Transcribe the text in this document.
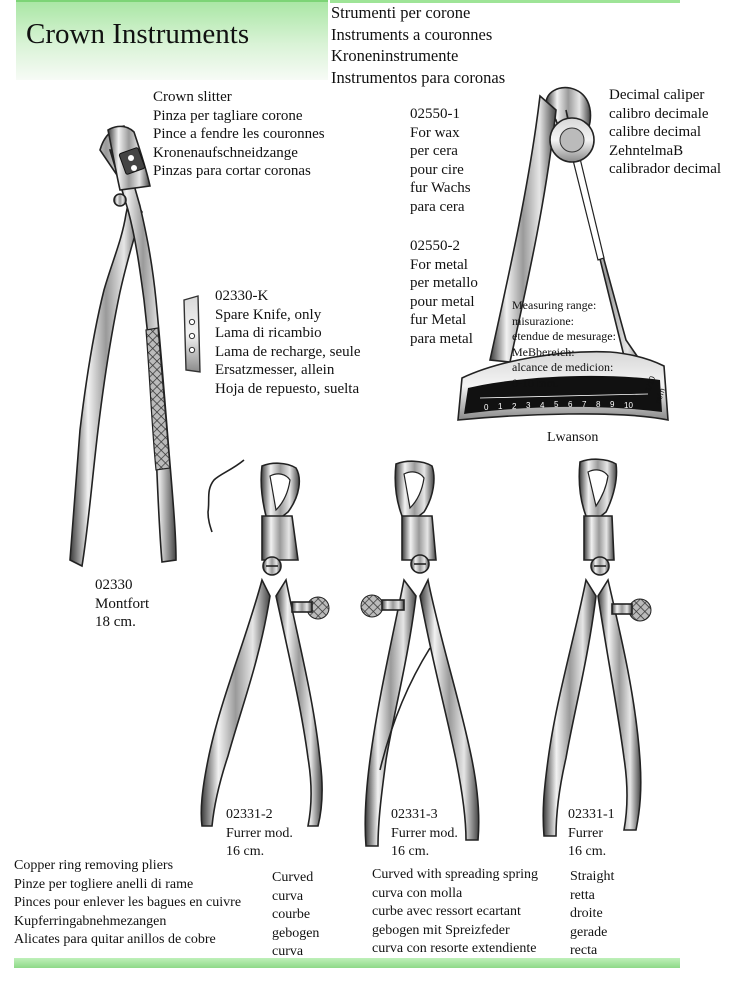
Crown Instruments
Strumenti per corone
Instruments a couronnes
Kroneninstrumente
Instrumentos para coronas
0 1 2 3 4 5 6 7 8 9 10
1/10
m/m
Crown slitter
Pinza per tagliare corone
Pince a fendre les couronnes
Kronenaufschneidzange
Pinzas para cortar coronas
02330-K
Spare Knife, only
Lama di ricambio
Lama de recharge, seule
Ersatzmesser, allein
Hoja de repuesto, suelta
02330
Montfort
18 cm.
02550-1
For wax
per cera
pour cire
fur Wachs
para cera
02550-2
For metal
per metallo
pour metal
fur Metal
para metal
Decimal caliper
calibro decimale
calibre decimal
ZehntelmaB
calibrador decimal
Measuring range:
misurazione:
etendue de mesurage:
MeBbereich:
alcance de medicion:
0-10 mm.
Lwanson
02331-2
Furrer mod.
16 cm.
02331-3
Furrer mod.
16 cm.
02331-1
Furrer
16 cm.
Copper ring removing pliers
Pinze per togliere anelli di rame
Pinces pour enlever les bagues en cuivre
Kupferringabnehmezangen
Alicates para quitar anillos de cobre
Curved
curva
courbe
gebogen
curva
Curved with spreading spring
curva con molla
curbe avec ressort ecartant
gebogen mit Spreizfeder
curva con resorte extendiente
Straight
retta
droite
gerade
recta
